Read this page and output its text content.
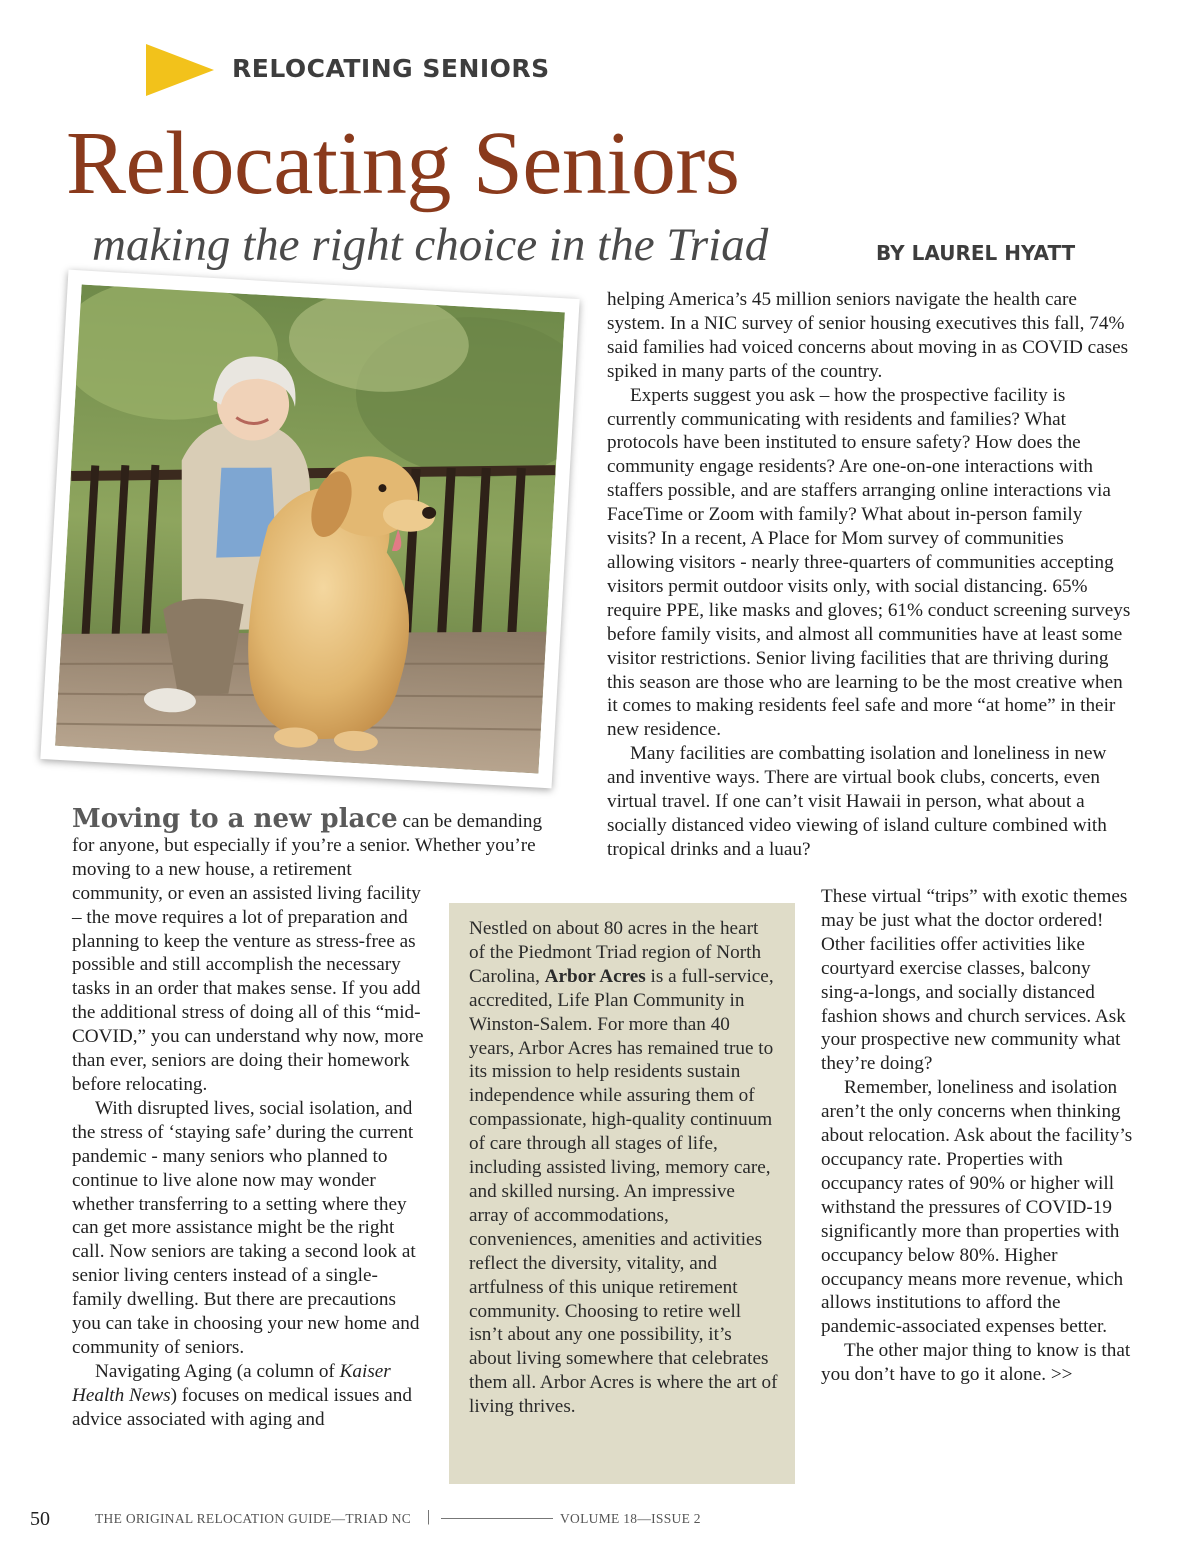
RELOCATING SENIORS
Relocating Seniors
making the right choice in the Triad	BY LAUREL HYATT

Moving to a new place can be demanding for anyone, but especially if you’re a senior. Whether you’re moving to a new house, a retirement

community, or even an assisted living facility – the move requires a lot of preparation and planning to keep the venture as stress-free as possible and still accomplish the necessary tasks in an order that makes sense. If you add the additional stress of doing all of this “mid-COVID,” you can understand why now, more than ever, seniors are doing their homework before relocating.

With disrupted lives, social isolation, and the stress of ‘staying safe’ during the current pandemic - many seniors who planned to continue to live alone now may wonder whether transferring to a setting where they can get more assistance might be the right call. Now seniors are taking a second look at senior living centers instead of a single-family dwelling. But there are precautions you can take in choosing your new home and community of seniors.

Navigating Aging (a column of Kaiser Health News) focuses on medical issues and advice associated with aging and

helping America’s 45 million seniors navigate the health care system. In a NIC survey of senior housing executives this fall, 74% said families had voiced concerns about moving in as COVID cases spiked in many parts of the country.

Experts suggest you ask – how the prospective facility is currently communicating with residents and families? What protocols have been instituted to ensure safety? How does the community engage residents? Are one-on-one interactions with staffers possible, and are staffers arranging online interactions via FaceTime or Zoom with family? What about in-person family visits? In a recent, A Place for Mom survey of communities allowing visitors - nearly three-quarters of communities accepting visitors permit outdoor visits only, with social distancing. 65% require PPE, like masks and gloves; 61% conduct screening surveys before family visits, and almost all communities have at least some visitor restrictions. Senior living facilities that are thriving during this season are those who are learning to be the most creative when it comes to making residents feel safe and more “at home” in their new residence.

Many facilities are combatting isolation and loneliness in new and inventive ways. There are virtual book clubs, concerts, even virtual travel. If one can’t visit Hawaii in person, what about a socially distanced video viewing of island culture combined with tropical drinks and a luau?

Nestled on about 80 acres in the heart of the Piedmont Triad region of North Carolina, Arbor Acres is a full-service, accredited, Life Plan Community in Winston-Salem. For more than 40 years, Arbor Acres has remained true to its mission to help residents sustain independence while assuring them of compassionate, high-quality continuum of care through all stages of life, including assisted living, memory care, and skilled nursing. An impressive array of accommodations, conveniences, amenities and activities reflect the diversity, vitality, and artfulness of this unique retirement community. Choosing to retire well isn’t about any one possibility, it’s about living somewhere that celebrates them all. Arbor Acres is where the art of living thrives.

These virtual “trips” with exotic themes may be just what the doctor ordered! Other facilities offer activities like courtyard exercise classes, balcony sing-a-longs, and socially distanced fashion shows and church services. Ask your prospective new community what they’re doing?

Remember, loneliness and isolation aren’t the only concerns when thinking about relocation. Ask about the facility’s occupancy rate. Properties with occupancy rates of 90% or higher will withstand the pressures of COVID-19 significantly more than properties with occupancy below 80%. Higher occupancy means more revenue, which allows institutions to afford the pandemic-associated expenses better.

The other major thing to know is that you don’t have to go it alone. >>

50	THE ORIGINAL RELOCATION GUIDE—TRIAD NC |	VOLUME 18—ISSUE 2
